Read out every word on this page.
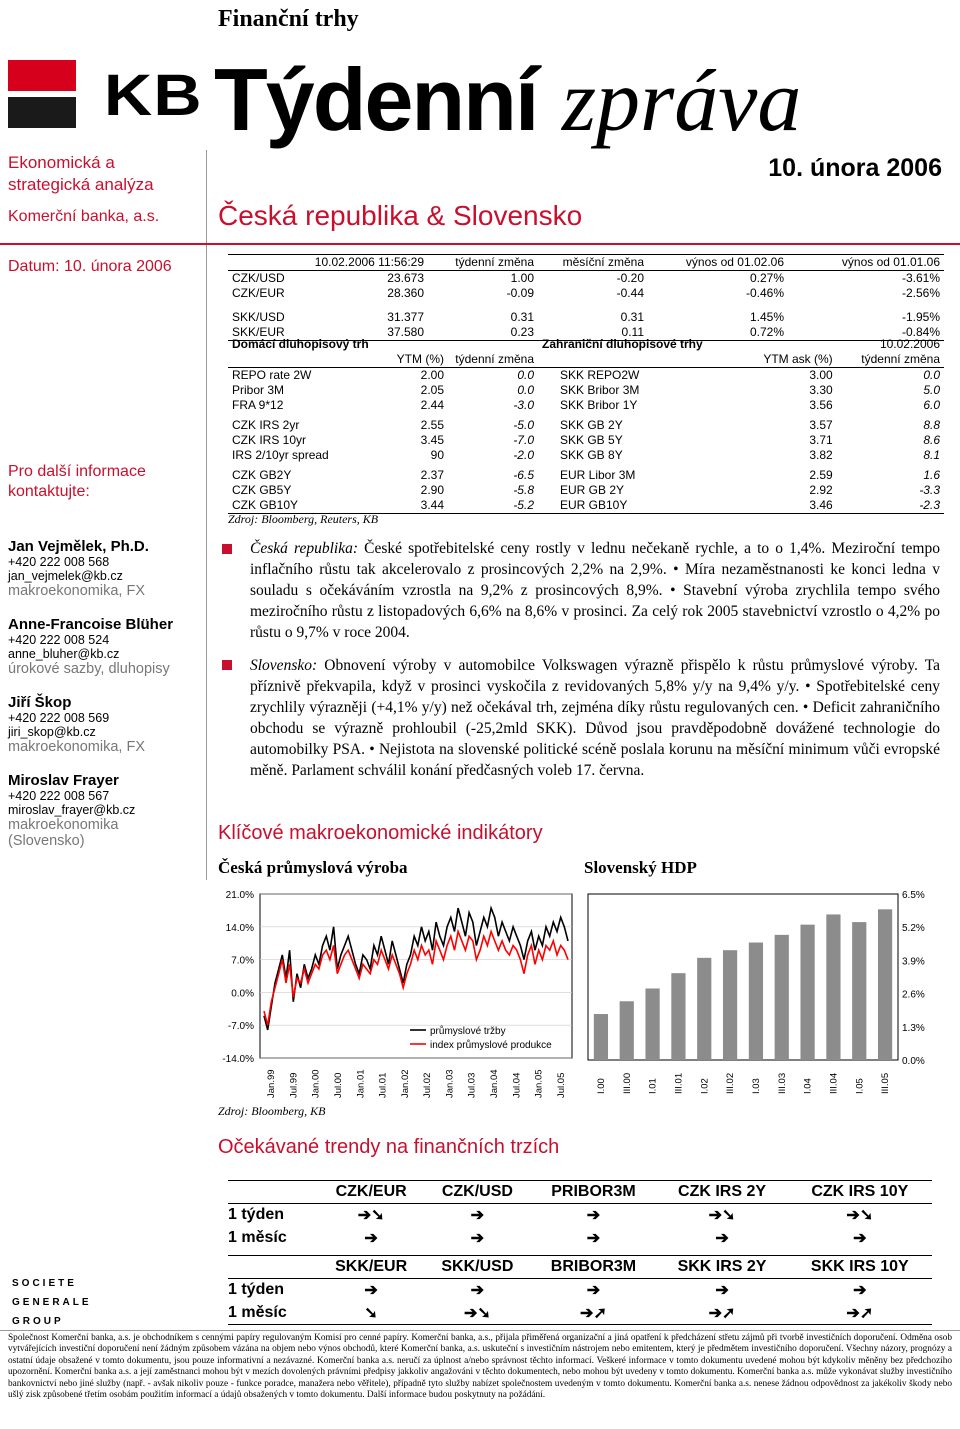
Finanční trhy
KB Týdenní zpráva
10. února 2006
Česká republika & Slovensko
Ekonomická a
strategická analýza
Komerční banka, a.s.
Datum: 10. února 2006
Pro další informace
kontaktujte:
Jan Vejmělek, Ph.D.
+420 222 008 568
jan_vejmelek@kb.cz
makroekonomika, FX
Anne-Francoise Blüher
+420 222 008 524
anne_bluher@kb.cz
úrokové sazby, dluhopisy
Jiří Škop
+420 222 008 569
jiri_skop@kb.cz
makroekonomika, FX
Miroslav Frayer
+420 222 008 567
miroslav_frayer@kb.cz
makroekonomika
(Slovensko)
SOCIETE
GENERALE
GROUP
10.02.2006 11:56:29	týdenní změna	měsíční změna	výnos od 01.02.06	výnos od 01.01.06
CZK/USD 23.673	1.00	-0.20	0.27%	-3.61%
CZK/EUR 28.360	-0.09	-0.44	-0.46%	-2.56%

SKK/USD 31.377	0.31	0.31	1.45%	-1.95%
SKK/EUR 37.580	0.23	0.11	0.72%	-0.84%
Domácí dluhopisový trh			Zahraniční dluhopisové trhy		10.02.2006
	YTM (%)	týdenní změna		YTM ask (%)	týdenní změna
REPO rate 2W	2.00	0.0	SKK REPO2W	3.00	0.0
Pribor 3M	2.05	0.0	SKK Bribor 3M	3.30	5.0
FRA 9*12	2.44	-3.0	SKK Bribor 1Y	3.56	6.0

CZK IRS 2yr	2.55	-5.0	SKK GB 2Y	3.57	8.8
CZK IRS 10yr	3.45	-7.0	SKK GB 5Y	3.71	8.6
IRS 2/10yr spread	90	-2.0	SKK GB 8Y	3.82	8.1

CZK GB2Y	2.37	-6.5	EUR Libor 3M	2.59	1.6
CZK GB5Y	2.90	-5.8	EUR GB 2Y	2.92	-3.3
CZK GB10Y	3.44	-5.2	EUR GB10Y	3.46	-2.3
Zdroj: Bloomberg, Reuters, KB
Česká republika: České spotřebitelské ceny rostly v lednu nečekaně rychle, a to o 1,4%. Meziroční tempo inflačního růstu tak akcelerovalo z prosincových 2,2% na 2,9%. • Míra nezaměstnanosti ke konci ledna v souladu s očekáváním vzrostla na 9,2% z prosincových 8,9%. • Stavební výroba zrychlila tempo svého meziročního růstu z listopadových 6,6% na 8,6% v prosinci. Za celý rok 2005 stavebnictví vzrostlo o 4,2% po růstu o 9,7% v roce 2004.
Slovensko: Obnovení výroby v automobilce Volkswagen výrazně přispělo k růstu průmyslové výroby. Ta příznivě překvapila, když v prosinci vyskočila z revidovaných 5,8% y/y na 9,4% y/y. • Spotřebitelské ceny zrychlily výrazněji (+4,1% y/y) než očekával trh, zejména díky růstu regulovaných cen. • Deficit zahraničního obchodu se výrazně prohloubil (-25,2mld SKK). Důvod jsou pravděpodobně dovážené technologie do automobilky PSA. • Nejistota na slovenské politické scéně poslala korunu na měsíční minimum vůči evropské měně. Parlament schválil konání předčasných voleb 17. června.
Klíčové makroekonomické indikátory
Česká průmyslová výroba	Slovenský HDP
21.0%
14.0%
7.0%
0.0%
-7.0%
-14.0%
Jan.99 Jul.99 Jan.00 Jul.00 Jan.01 Jul.01 Jan.02 Jul.02 Jan.03 Jul.03 Jan.04 Jul.04 Jan.05 Jul.05
průmyslové tržby
index průmyslové produkce
6.5%
5.2%
3.9%
2.6%
1.3%
0.0%
I.00 III.00 I.01 III.01 I.02 III.02 I.03 III.03 I.04 III.04 I.05 III.05
Zdroj: Bloomberg, KB
Očekávané trendy na finančních trzích
	CZK/EUR	CZK/USD	PRIBOR3M	CZK IRS 2Y	CZK IRS 10Y
1 týden	➔➘	➔	➔	➔➘	➔➘
1 měsíc	➔	➔	➔	➔	➔

	SKK/EUR	SKK/USD	BRIBOR3M	SKK IRS 2Y	SKK IRS 10Y
1 týden	➔	➔	➔	➔	➔
1 měsíc	➘	➔➘	➔➚	➔➚	➔➚
Společnost Komerční banka, a.s. je obchodníkem s cennými papíry regulovaným Komisí pro cenné papíry. Komerční banka, a.s., přijala přiměřená organizační a jiná opatření k předcházení střetu zájmů při tvorbě investičních doporučení. Odměna osob vytvářejících investiční doporučení není žádným způsobem vázána na objem nebo výnos obchodů, které Komerční banka, a.s. uskuteční s investičním nástrojem nebo emitentem, který je předmětem investičního doporučení. Všechny názory, prognózy a ostatní údaje obsažené v tomto dokumentu, jsou pouze informativní a nezávazné. Komerční banka a.s. neručí za úplnost a/nebo správnost těchto informací. Veškeré informace v tomto dokumentu uvedené mohou být kdykoliv měněny bez předchozího upozornění. Komerční banka a.s. a její zaměstnanci mohou být v mezích dovolených právními předpisy jakkoliv angažováni v těchto dokumentech, nebo mohou být uvedeny v tomto dokumentu. Komerční banka a.s. může vykonávat služby investičního bankovnictví nebo jiné služby (např. - avšak nikoliv pouze - funkce poradce, manažera nebo věřitele), případně tyto služby nabízet společnostem uvedeným v tomto dokumentu. Komerční banka a.s. nenese žádnou odpovědnost za jakékoliv škody nebo ušlý zisk způsobené třetím osobám použitím informací a údajů obsažených v tomto dokumentu. Další informace budou poskytnuty na požádání.
